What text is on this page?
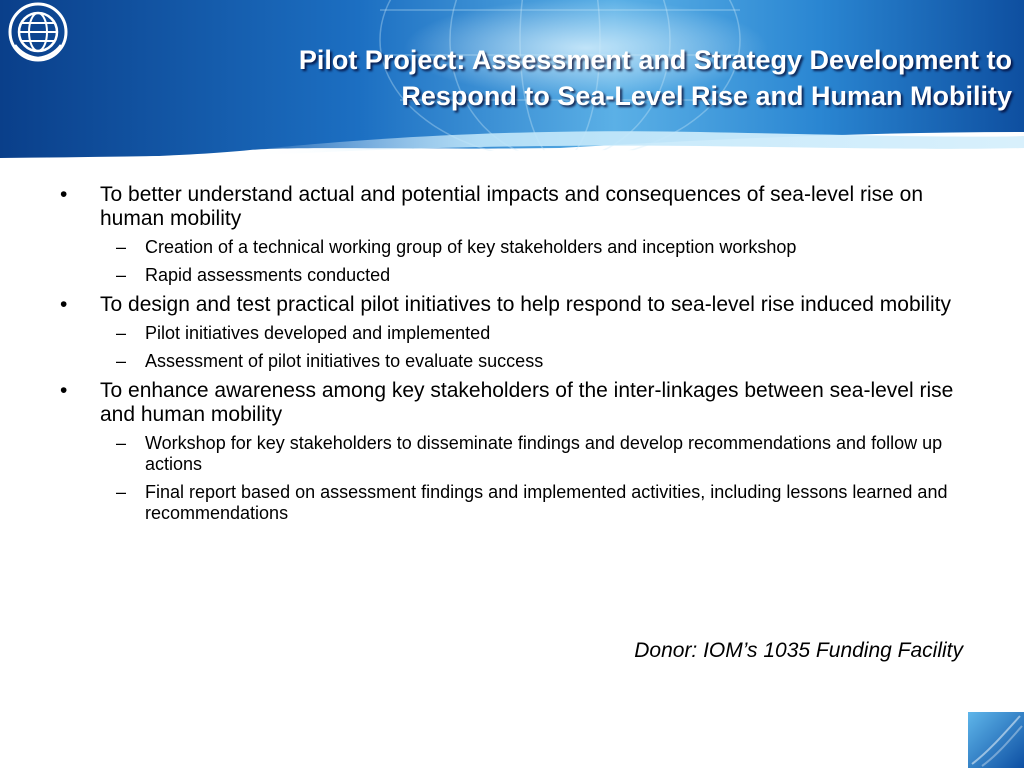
Pilot Project: Assessment and Strategy Development to
Respond to Sea-Level Rise and Human Mobility
• To better understand actual and potential impacts and consequences of sea-level rise on human mobility
– Creation of a technical working group of key stakeholders and inception workshop
– Rapid assessments conducted
• To design and test practical pilot initiatives to help respond to sea-level rise induced mobility
– Pilot initiatives developed and implemented
– Assessment of pilot initiatives to evaluate success
• To enhance awareness among key stakeholders of the inter-linkages between sea-level rise and human mobility
– Workshop for key stakeholders to disseminate findings and develop recommendations and follow up actions
– Final report based on assessment findings and implemented activities, including lessons learned and recommendations
Donor: IOM’s 1035 Funding Facility
